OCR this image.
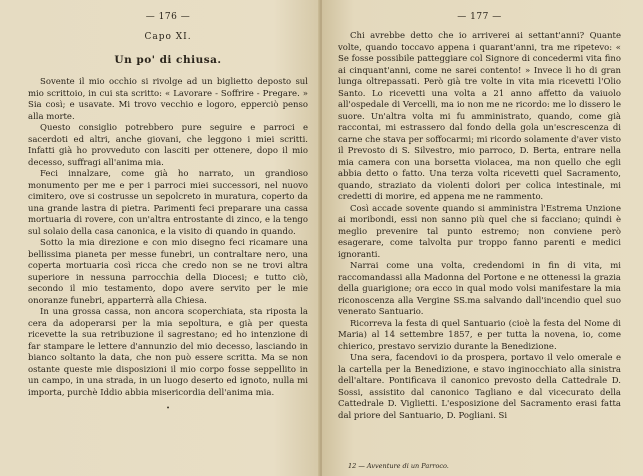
— 176 —
Capo XI.
Un po' di chiusa.

Sovente il mio occhio si rivolge ad un biglietto deposto sul mio scrittoio, in cui sta scritto: « Lavorare - Soffrire - Pregare. » Sia così; e usavate. Mi trovo vecchio e logoro, epperciò penso alla morte.

Questo consiglio potrebbero pure seguire e parroci e sacerdoti ed altri, anche giovani, che leggono i miei scritti. Infatti già ho provveduto con lasciti per ottenere, dopo il mio decesso, suffragi all'anima mia.

Feci innalzare, come già ho narrato, un grandioso monumento per me e per i parroci miei successori, nel nuovo cimitero, ove si costrusse un sepolcreto in muratura, coperto da una grande lastra di pietra. Parimenti feci preparare una cassa mortuaria di rovere, con un'altra entrostante di zinco, e la tengo sul solaio della casa canonica, e la visito di quando in quando.

Sotto la mia direzione e con mio disegno feci ricamare una bellissima pianeta per messe funebri, un contraltare nero, una coperta mortuaria così ricca che credo non se ne trovi altra superiore in nessuna parrocchia della Diocesi; e tutto ciò, secondo il mio testamento, dopo avere servito per le mie onoranze funebri, apparterrà alla Chiesa.

In una grossa cassa, non ancora scoperchiata, sta riposta la cera da adoperarsi per la mia sepoltura, e già per questa ricevette la sua retribuzione il sagrestano; ed ho intenzione di far stampare le lettere d'annunzio del mio decesso, lasciando in bianco soltanto la data, che non può essere scritta. Ma se non ostante queste mie disposizioni il mio corpo fosse seppellito in un campo, in una strada, in un luogo deserto ed ignoto, nulla mi importa, purchè Iddio abbia misericordia dell'anima mia.

•
— 177 —

Chi avrebbe detto che io arriverei ai settant'anni? Quante volte, quando toccavo appena i quarant'anni, tra me ripetevo: « Se fosse possibile patteggiare col Signore di concedermi vita fino ai cinquant'anni, come ne sarei contento! » Invece li ho di gran lunga oltrepassati. Però già tre volte in vita mia ricevetti l'Olio Santo. Lo ricevetti una volta a 21 anno affetto da vaiuolo all'ospedale di Vercelli, ma io non me ne ricordo: me lo dissero le suore. Un'altra volta mi fu amministrato, quando, come già raccontai, mi estrassero dal fondo della gola un'escrescenza di carne che stava per soffocarmi; mi ricordo solamente d'aver visto il Prevosto di S. Silvestro, mio parroco, D. Berta, entrare nella mia camera con una borsetta violacea, ma non quello che egli abbia detto o fatto. Una terza volta ricevetti quel Sacramento, quando, straziato da violenti dolori per colica intestinale, mi credetti di morire, ed appena me ne rammento.

Così accade sovente quando si amministra l'Estrema Unzione ai moribondi, essi non sanno più quel che si facciano; quindi è meglio prevenire tal punto estremo; non conviene però esagerare, come talvolta pur troppo fanno parenti e medici ignoranti.

Narrai come una volta, credendomi in fin di vita, mi raccomandassi alla Madonna del Portone e ne ottenessi la grazia della guarigione; ora ecco in qual modo volsi manifestare la mia riconoscenza alla Vergine SS.ma salvando dall'incendio quel suo venerato Santuario.

Ricorreva la festa di quel Santuario (cioè la festa del Nome di Maria) al 14 settembre 1857, e per tutta la novena, io, come chierico, prestavo servizio durante la Benedizione.

Una sera, facendovi io da prospera, portavo il velo omerale e la cartella per la Benedizione, e stavo inginocchiato alla sinistra dell'altare. Pontificava il canonico prevosto della Cattedrale D. Sossi, assistito dal canonico Tagliano e dal vicecurato della Cattedrale D. Viglietti. L'esposizione del Sacramento erasi fatta dal priore del Santuario, D. Pogliani. Si

12 — Avventure di un Parroco.
